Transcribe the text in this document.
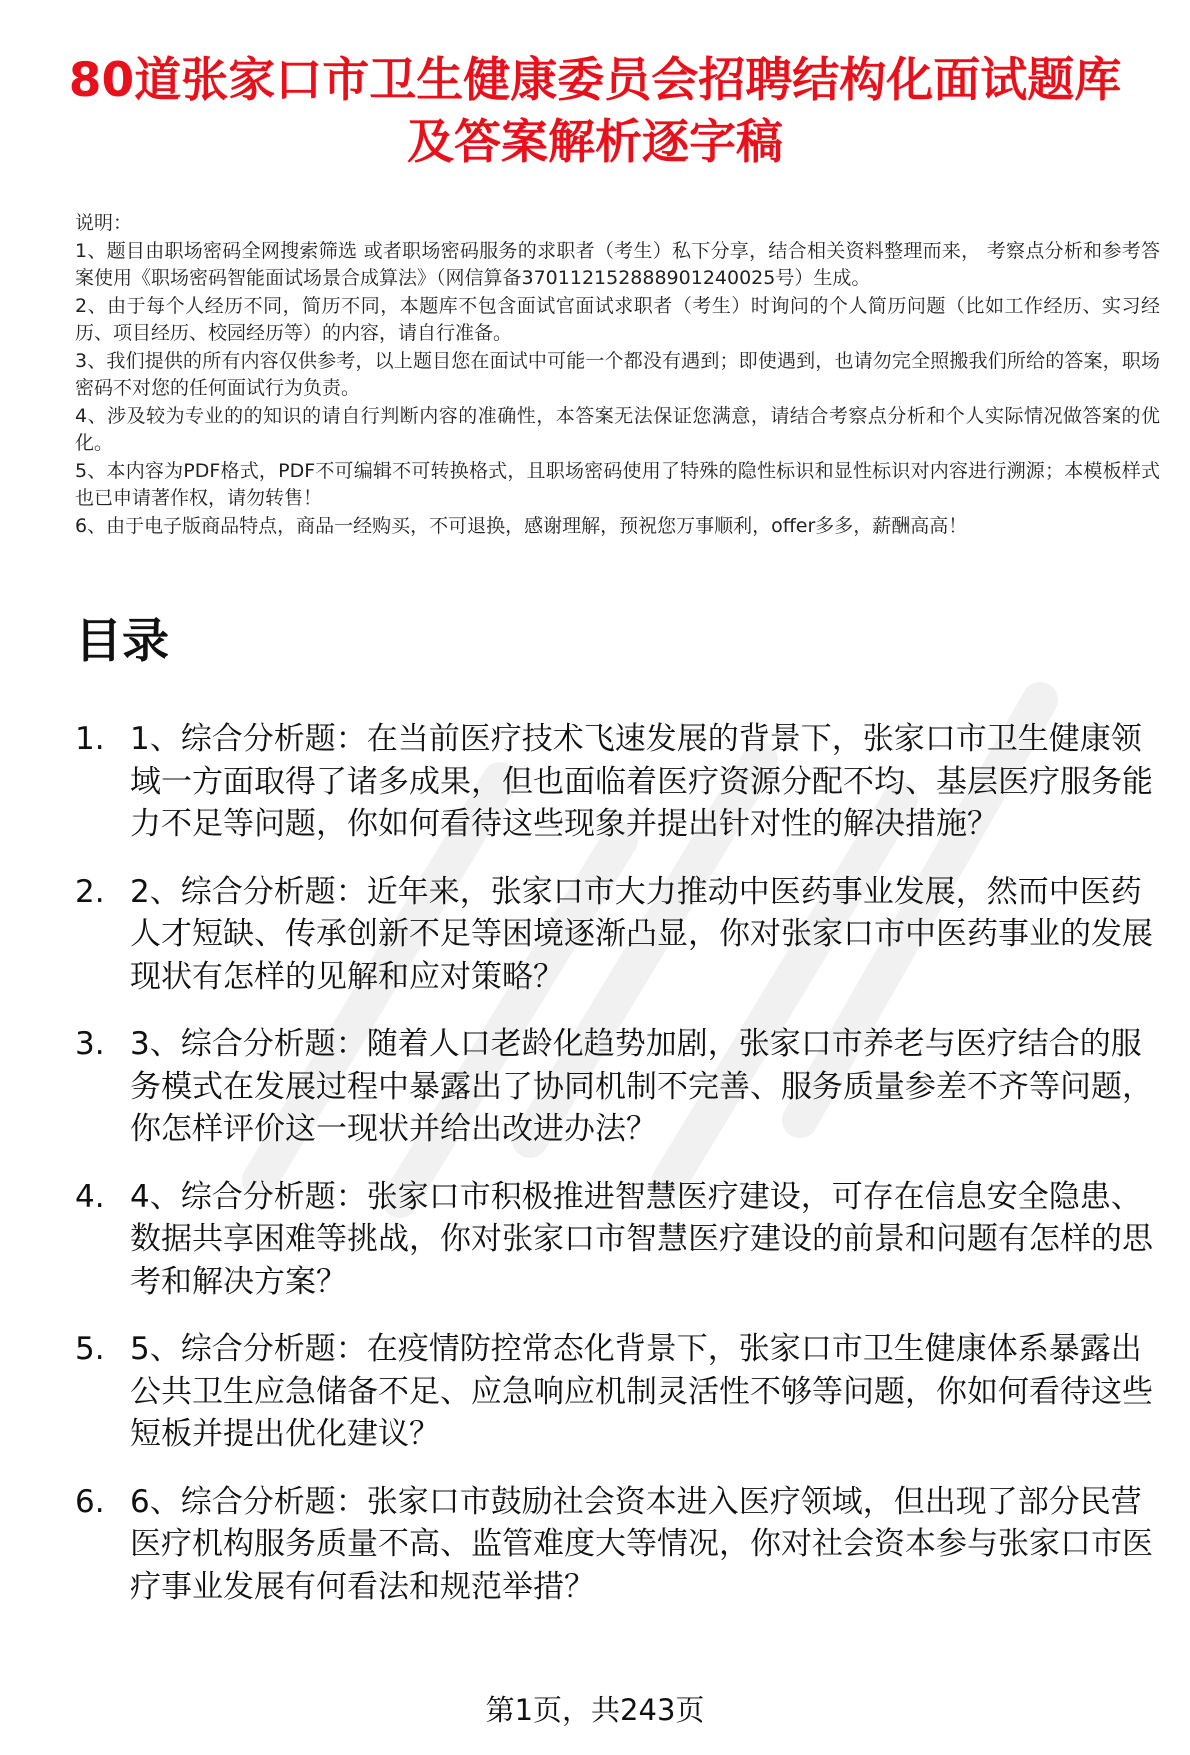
80道张家口市卫生健康委员会招聘结构化面试题库及答案解析逐字稿
说明：
1、题目由职场密码全网搜索筛选 或者职场密码服务的求职者（考生）私下分享，结合相关资料整理而来， 考察点分析和参考答案使用《职场密码智能面试场景合成算法》（网信算备370112152888901240025号）生成。
2、由于每个人经历不同，简历不同，本题库不包含面试官面试求职者（考生）时询问的个人简历问题（比如工作经历、实习经历、项目经历、校园经历等）的内容，请自行准备。
3、我们提供的所有内容仅供参考，以上题目您在面试中可能一个都没有遇到；即使遇到，也请勿完全照搬我们所给的答案，职场密码不对您的任何面试行为负责。
4、涉及较为专业的的知识的请自行判断内容的准确性，本答案无法保证您满意，请结合考察点分析和个人实际情况做答案的优化。
5、本内容为PDF格式，PDF不可编辑不可转换格式，且职场密码使用了特殊的隐性标识和显性标识对内容进行溯源；本模板样式也已申请著作权，请勿转售！
6、由于电子版商品特点，商品一经购买，不可退换，感谢理解，预祝您万事顺利，offer多多，薪酬高高！
目录
1. 1、综合分析题：在当前医疗技术飞速发展的背景下，张家口市卫生健康领域一方面取得了诸多成果，但也面临着医疗资源分配不均、基层医疗服务能力不足等问题，你如何看待这些现象并提出针对性的解决措施？
2. 2、综合分析题：近年来，张家口市大力推动中医药事业发展，然而中医药人才短缺、传承创新不足等困境逐渐凸显，你对张家口市中医药事业的发展现状有怎样的见解和应对策略？
3. 3、综合分析题：随着人口老龄化趋势加剧，张家口市养老与医疗结合的服务模式在发展过程中暴露出了协同机制不完善、服务质量参差不齐等问题，你怎样评价这一现状并给出改进办法？
4. 4、综合分析题：张家口市积极推进智慧医疗建设，可存在信息安全隐患、数据共享困难等挑战，你对张家口市智慧医疗建设的前景和问题有怎样的思考和解决方案？
5. 5、综合分析题：在疫情防控常态化背景下，张家口市卫生健康体系暴露出公共卫生应急储备不足、应急响应机制灵活性不够等问题，你如何看待这些短板并提出优化建议？
6. 6、综合分析题：张家口市鼓励社会资本进入医疗领域，但出现了部分民营医疗机构服务质量不高、监管难度大等情况，你对社会资本参与张家口市医疗事业发展有何看法和规范举措？
第1页，共243页
